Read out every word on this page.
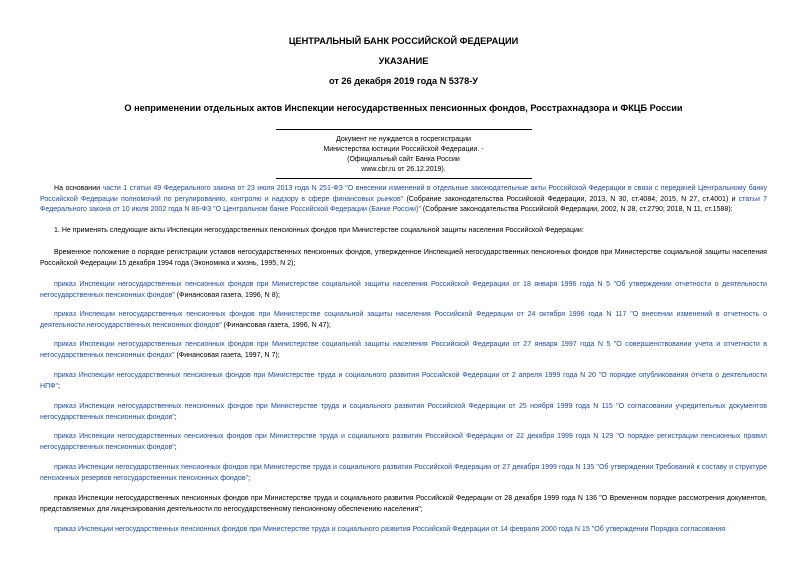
ЦЕНТРАЛЬНЫЙ БАНК РОССИЙСКОЙ ФЕДЕРАЦИИ
УКАЗАНИЕ
от 26 декабря 2019 года N 5378-У
О неприменении отдельных актов Инспекции негосударственных пенсионных фондов, Росстрахнадзора и ФКЦБ России
Документ не нуждается в госрегистрации
Министерства юстиции Российской Федерации. -
(Официальный сайт Банка России
www.cbr.ru от 26.12.2019).
На основании части 1 статьи 49 Федерального закона от 23 июля 2013 года N 251-ФЗ "О внесении изменений в отдельные законодательные акты Российской Федерации в связи с передачей Центральному банку Российской Федерации полномочий по регулированию, контролю и надзору в сфере финансовых рынков" (Собрание законодательства Российской Федерации, 2013, N 30, ст.4084; 2015, N 27, ст.4001) и статьи 7 Федерального закона от 10 июля 2002 года N 86-ФЗ "О Центральном банке Российской Федерации (Банке России)" (Собрание законодательства Российской Федерации, 2002, N 28, ст.2790; 2018, N 11, ст.1588):
1. Не применять следующие акты Инспекции негосударственных пенсионных фондов при Министерстве социальной защиты населения Российской Федерации:
Временное положение о порядке регистрации уставов негосударственных пенсионных фондов, утвержденное Инспекцией негосударственных пенсионных фондов при Министерстве социальной защиты населения Российской Федерации 15 декабря 1994 года (Экономика и жизнь, 1995, N 2);
приказ Инспекции негосударственных пенсионных фондов при Министерстве социальной защиты населения Российской Федерации от 18 января 1996 года N 5 "Об утверждении отчетности о деятельности негосударственных пенсионных фондов" (Финансовая газета, 1996, N 8);
приказ Инспекции негосударственных пенсионных фондов при Министерстве социальной защиты населения Российской Федерации от 24 октября 1996 года N 117 "О внесении изменений в отчетность о деятельности негосударственных пенсионных фондов" (Финансовая газета, 1996, N 47);
приказ Инспекции негосударственных пенсионных фондов при Министерстве социальной защиты населения Российской Федерации от 27 января 1997 года N 5 "О совершенствовании учета и отчетности в негосударственных пенсионных фондах" (Финансовая газета, 1997, N 7);
приказ Инспекции негосударственных пенсионных фондов при Министерстве труда и социального развития Российской Федерации от 2 апреля 1999 года N 20 "О порядке опубликования отчета о деятельности НПФ";
приказ Инспекции негосударственных пенсионных фондов при Министерстве труда и социального развития Российской Федерации от 25 ноября 1999 года N 115 "О согласовании учредительных документов негосударственных пенсионных фондов";
приказ Инспекции негосударственных пенсионных фондов при Министерстве труда и социального развития Российской Федерации от 22 декабря 1999 года N 129 "О порядке регистрации пенсионных правил негосударственных пенсионных фондов";
приказ Инспекции негосударственных пенсионных фондов при Министерстве труда и социального развития Российской Федерации от 27 декабря 1999 года N 135 "Об утверждении Требований к составу и структуре пенсионных резервов негосударственных пенсионных фондов";
приказ Инспекции негосударственных пенсионных фондов при Министерстве труда и социального развития Российской Федерации от 28 декабря 1999 года N 136 "О Временном порядке рассмотрения документов, представляемых для лицензирования деятельности по негосударственному пенсионному обеспечению населения";
приказ Инспекции негосударственных пенсионных фондов при Министерстве труда и социального развития Российской Федерации от 14 февраля 2000 года N 15 "Об утверждении Порядка согласования
